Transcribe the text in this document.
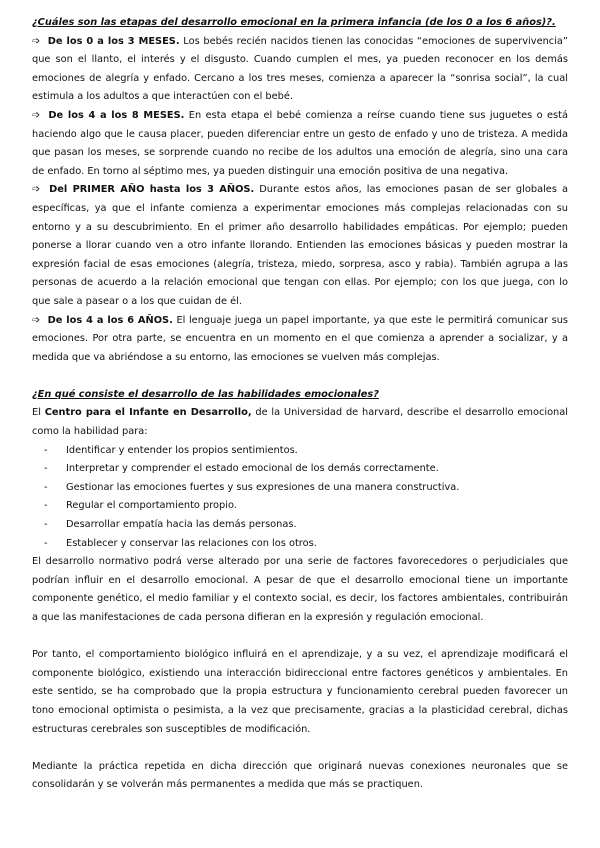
¿Cuáles son las etapas del desarrollo emocional en la primera infancia (de los 0 a los 6 años)?.

➩ De los 0 a los 3 MESES. Los bebés recién nacidos tienen las conocidas “emociones de supervivencia” que son el llanto, el interés y el disgusto. Cuando cumplen el mes, ya pueden reconocer en los demás emociones de alegría y enfado. Cercano a los tres meses, comienza a aparecer la “sonrisa social”, la cual estimula a los adultos a que interactúen con el bebé.

➩ De los 4 a los 8 MESES. En esta etapa el bebé comienza a reírse cuando tiene sus juguetes o está haciendo algo que le causa placer, pueden diferenciar entre un gesto de enfado y uno de tristeza. A medida que pasan los meses, se sorprende cuando no recibe de los adultos una emoción de alegría, sino una cara de enfado. En torno al séptimo mes, ya pueden distinguir una emoción positiva de una negativa.

➩ Del PRIMER AÑO hasta los 3 AÑOS. Durante estos años, las emociones pasan de ser globales a específicas, ya que el infante comienza a experimentar emociones más complejas relacionadas con su entorno y a su descubrimiento. En el primer año desarrollo habilidades empáticas. Por ejemplo; pueden ponerse a llorar cuando ven a otro infante llorando. Entienden las emociones básicas y pueden mostrar la expresión facial de esas emociones (alegría, tristeza, miedo, sorpresa, asco y rabia). También agrupa a las personas de acuerdo a la relación emocional que tengan con ellas. Por ejemplo; con los que juega, con lo que sale a pasear o a los que cuidan de él.

➩ De los 4 a los 6 AÑOS. El lenguaje juega un papel importante, ya que este le permitirá comunicar sus emociones. Por otra parte, se encuentra en un momento en el que comienza a aprender a socializar, y a medida que va abriéndose a su entorno, las emociones se vuelven más complejas.

¿En qué consiste el desarrollo de las habilidades emocionales?

El Centro para el Infante en Desarrollo, de la Universidad de harvard, describe el desarrollo emocional como la habilidad para:

- Identificar y entender los propios sentimientos.
- Interpretar y comprender el estado emocional de los demás correctamente.
- Gestionar las emociones fuertes y sus expresiones de una manera constructiva.
- Regular el comportamiento propio.
- Desarrollar empatía hacia las demás personas.
- Establecer y conservar las relaciones con los otros.

El desarrollo normativo podrá verse alterado por una serie de factores favorecedores o perjudiciales que podrían influir en el desarrollo emocional. A pesar de que el desarrollo emocional tiene un importante componente genético, el medio familiar y el contexto social, es decir, los factores ambientales, contribuirán a que las manifestaciones de cada persona difieran en la expresión y regulación emocional.

Por tanto, el comportamiento biológico influirá en el aprendizaje, y a su vez, el aprendizaje modificará el componente biológico, existiendo una interacción bidireccional entre factores genéticos y ambientales. En este sentido, se ha comprobado que la propia estructura y funcionamiento cerebral pueden favorecer un tono emocional optimista o pesimista, a la vez que precisamente, gracias a la plasticidad cerebral, dichas estructuras cerebrales son susceptibles de modificación.

Mediante la práctica repetida en dicha dirección que originará nuevas conexiones neuronales que se consolidarán y se volverán más permanentes a medida que más se practiquen.
